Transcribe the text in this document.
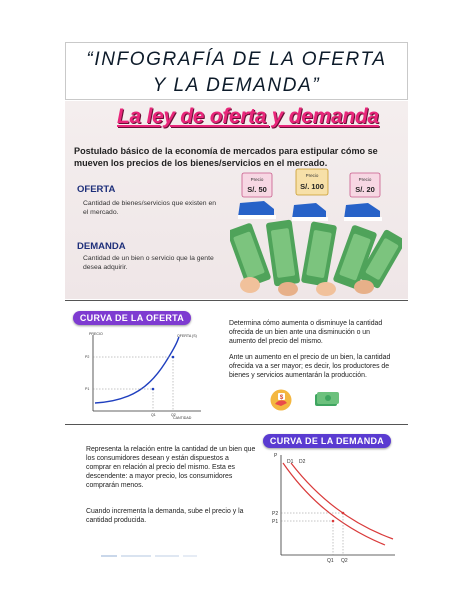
“INFOGRAFÍA DE LA OFERTA
Y LA DEMANDA”
La ley de oferta y demanda
Postulado básico de la economía de mercados para estipular cómo se mueven los precios de los bienes/servicios en el mercado.
OFERTA
Cantidad de bienes/servicios que existen en el mercado.
DEMANDA
Cantidad de un bien o servicio que la gente desea adquirir.
Precio
S/. 50
Precio
S/. 100
Precio
S/. 20
CURVA DE LA OFERTA
PRECIO
CANTIDAD
OFERTA (S)
P2
P1
Q1	Q2
Determina cómo aumenta o disminuye la cantidad ofrecida de un bien ante una disminución o un aumento del precio del mismo.
Ante un aumento en el precio de un bien, la cantidad ofrecida va a ser mayor; es decir, los productores de bienes y servicios aumentarán la producción.
$
Representa la relación entre la cantidad de un bien que los consumidores desean y están dispuestos a comprar en relación al precio del mismo. Esta es descendente: a mayor precio, los consumidores comprarán menos.
Cuando incrementa la demanda, sube el precio y la cantidad producida.
CURVA DE LA DEMANDA
P
D1 D2
P2
P1
Q1 Q2
